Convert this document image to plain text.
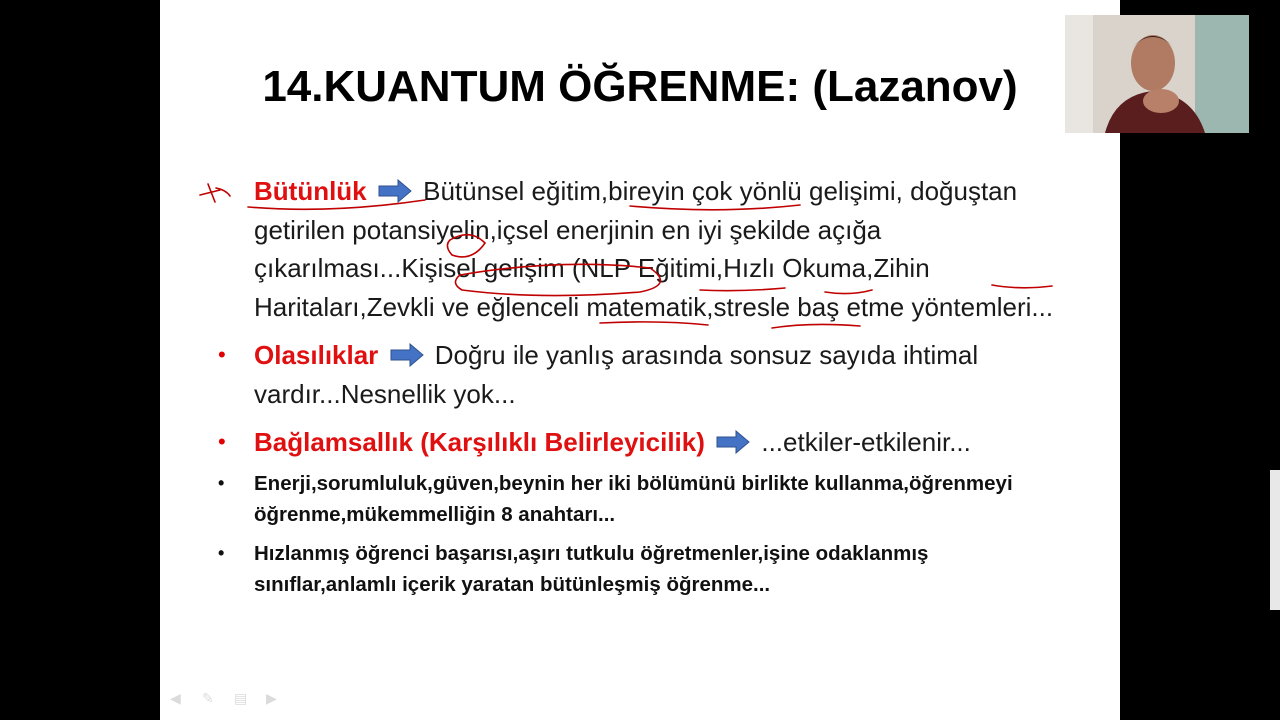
14.KUANTUM ÖĞRENME: (Lazanov)
Bütünlük Bütünsel eğitim,bireyin çok yönlü gelişimi, doğuştan getirilen potansiyelin,içsel enerjinin en iyi şekilde açığa çıkarılması...Kişisel gelişim (NLP Eğitimi,Hızlı Okuma,Zihin Haritaları,Zevkli ve eğlenceli matematik,stresle baş etme yöntemleri...
• Olasılıklar Doğru ile yanlış arasında sonsuz sayıda ihtimal vardır...Nesnellik yok...
• Bağlamsallık (Karşılıklı Belirleyicilik) ...etkiler-etkilenir...
• Enerji,sorumluluk,güven,beynin her iki bölümünü birlikte kullanma,öğrenmeyi öğrenme,mükemmelliğin 8 anahtarı...
• Hızlanmış öğrenci başarısı,aşırı tutkulu öğretmenler,işine odaklanmış sınıflar,anlamlı içerik yaratan bütünleşmiş öğrenme...
◀	✎	▤	▶
